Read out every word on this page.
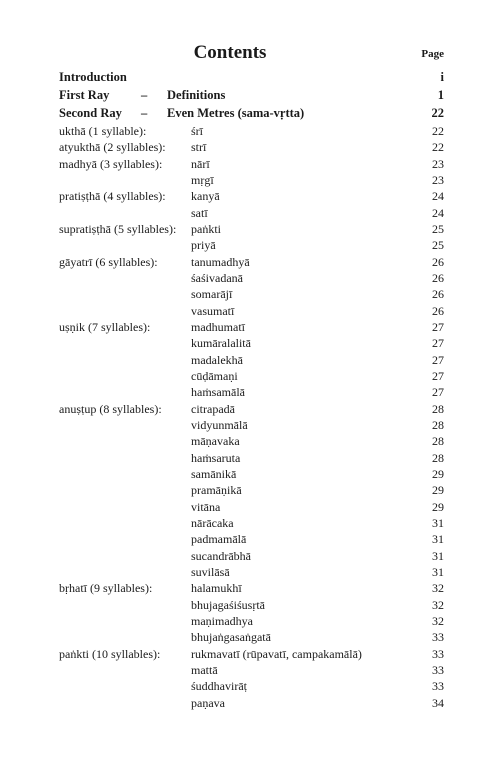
Contents	Page
Introduction	i
First Ray	– Definitions	1
Second Ray – Even Metres (sama-vṛtta)	22
ukthā (1 syllable):	śrī	22
atyukthā (2 syllables): strī	22
madhyā (3 syllables): nārī	23
mṛgī	23
pratiṣṭhā (4 syllables): kanyā	24
satī	24
supratiṣṭhā (5 syllables): paṅkti	25
priyā	25
gāyatrī (6 syllables):	tanumadhyā	26
śaśivadanā	26
somarājī	26
vasumatī	26
uṣṇik (7 syllables):	madhumatī	27
kumāralalitā	27
madalekhā	27
cūḍāmaṇi	27
haṁsamālā	27
anuṣṭup (8 syllables): citrapadā	28
vidyunmālā	28
māṇavaka	28
haṁsaruta	28
samānikā	29
pramāṇikā	29
vitāna	29
nārācaka	31
padmamālā	31
sucandrābhā	31
suvilāsā	31
bṛhatī (9 syllables):	halamukhī	32
bhujagaśiśusṛtā	32
maṇimadhya	32
bhujaṅgasaṅgatā	33
paṅkti (10 syllables):	rukmavatī (rūpavatī, campakamālā)	33
mattā	33
śuddhavirāṭ	33
paṇava	34
